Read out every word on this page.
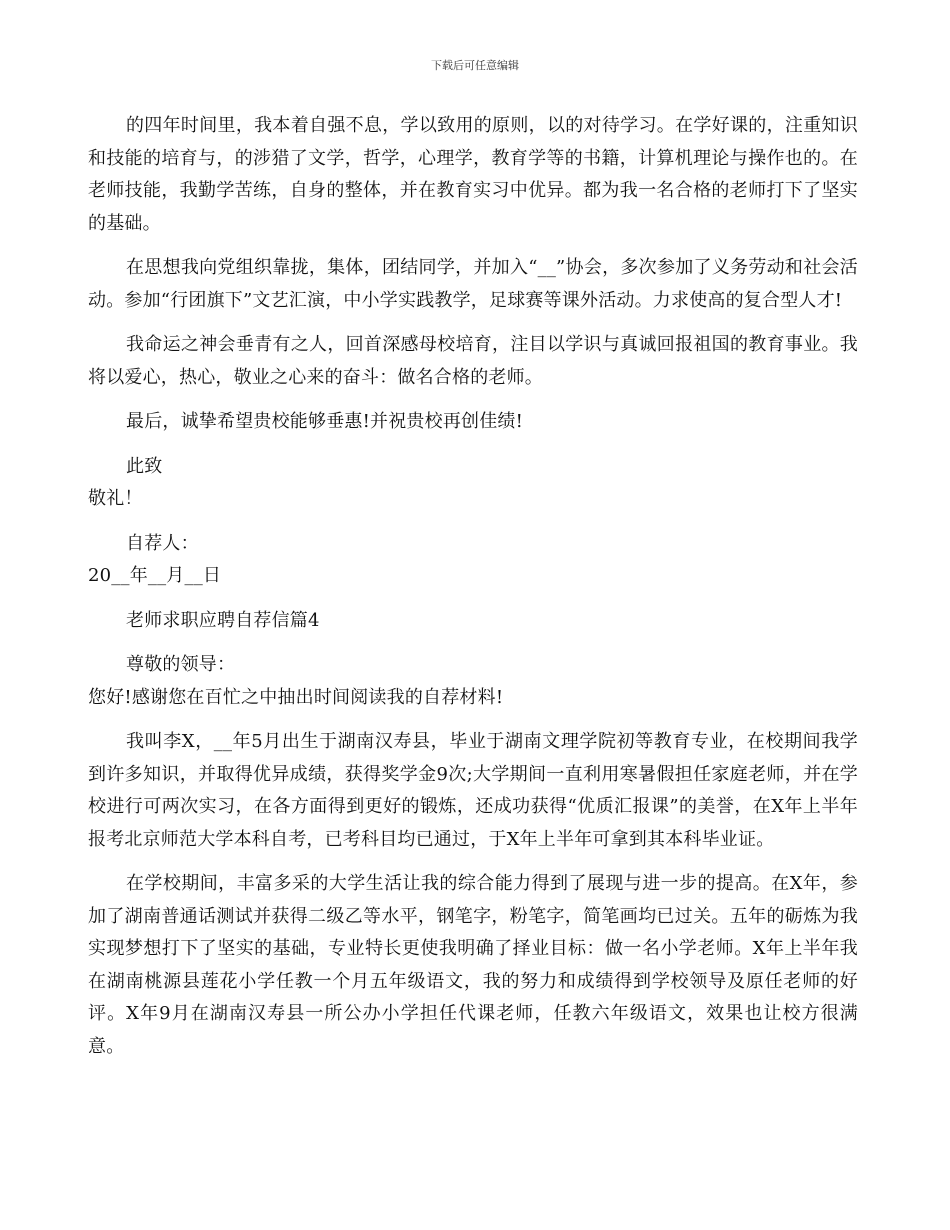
下载后可任意编辑

的四年时间里，我本着自强不息，学以致用的原则，以的对待学习。在学好课的，注重知识和技能的培育与，的涉猎了文学，哲学，心理学，教育学等的书籍，计算机理论与操作也的。在老师技能，我勤学苦练，自身的整体，并在教育实习中优异。都为我一名合格的老师打下了坚实的基础。

在思想我向党组织靠拢，集体，团结同学，并加入“__”协会，多次参加了义务劳动和社会活动。参加“行团旗下”文艺汇演，中小学实践教学，足球赛等课外活动。力求使高的复合型人才!

我命运之神会垂青有之人，回首深感母校培育，注目以学识与真诚回报祖国的教育事业。我将以爱心，热心，敬业之心来的奋斗：做名合格的老师。

最后，诚挚希望贵校能够垂惠!并祝贵校再创佳绩!

此致

敬礼！

自荐人：

20__年__月__日

老师求职应聘自荐信篇4

尊敬的领导：

您好!感谢您在百忙之中抽出时间阅读我的自荐材料!

我叫李X，__年5月出生于湖南汉寿县，毕业于湖南文理学院初等教育专业，在校期间我学到许多知识，并取得优异成绩，获得奖学金9次;大学期间一直利用寒暑假担任家庭老师，并在学校进行可两次实习，在各方面得到更好的锻炼，还成功获得“优质汇报课”的美誉，在X年上半年报考北京师范大学本科自考，已考科目均已通过，于X年上半年可拿到其本科毕业证。

在学校期间，丰富多采的大学生活让我的综合能力得到了展现与进一步的提高。在X年，参加了湖南普通话测试并获得二级乙等水平，钢笔字，粉笔字，简笔画均已过关。五年的砺炼为我实现梦想打下了坚实的基础，专业特长更使我明确了择业目标：做一名小学老师。X年上半年我在湖南桃源县莲花小学任教一个月五年级语文，我的努力和成绩得到学校领导及原任老师的好评。X年9月在湖南汉寿县一所公办小学担任代课老师，任教六年级语文，效果也让校方很满意。
